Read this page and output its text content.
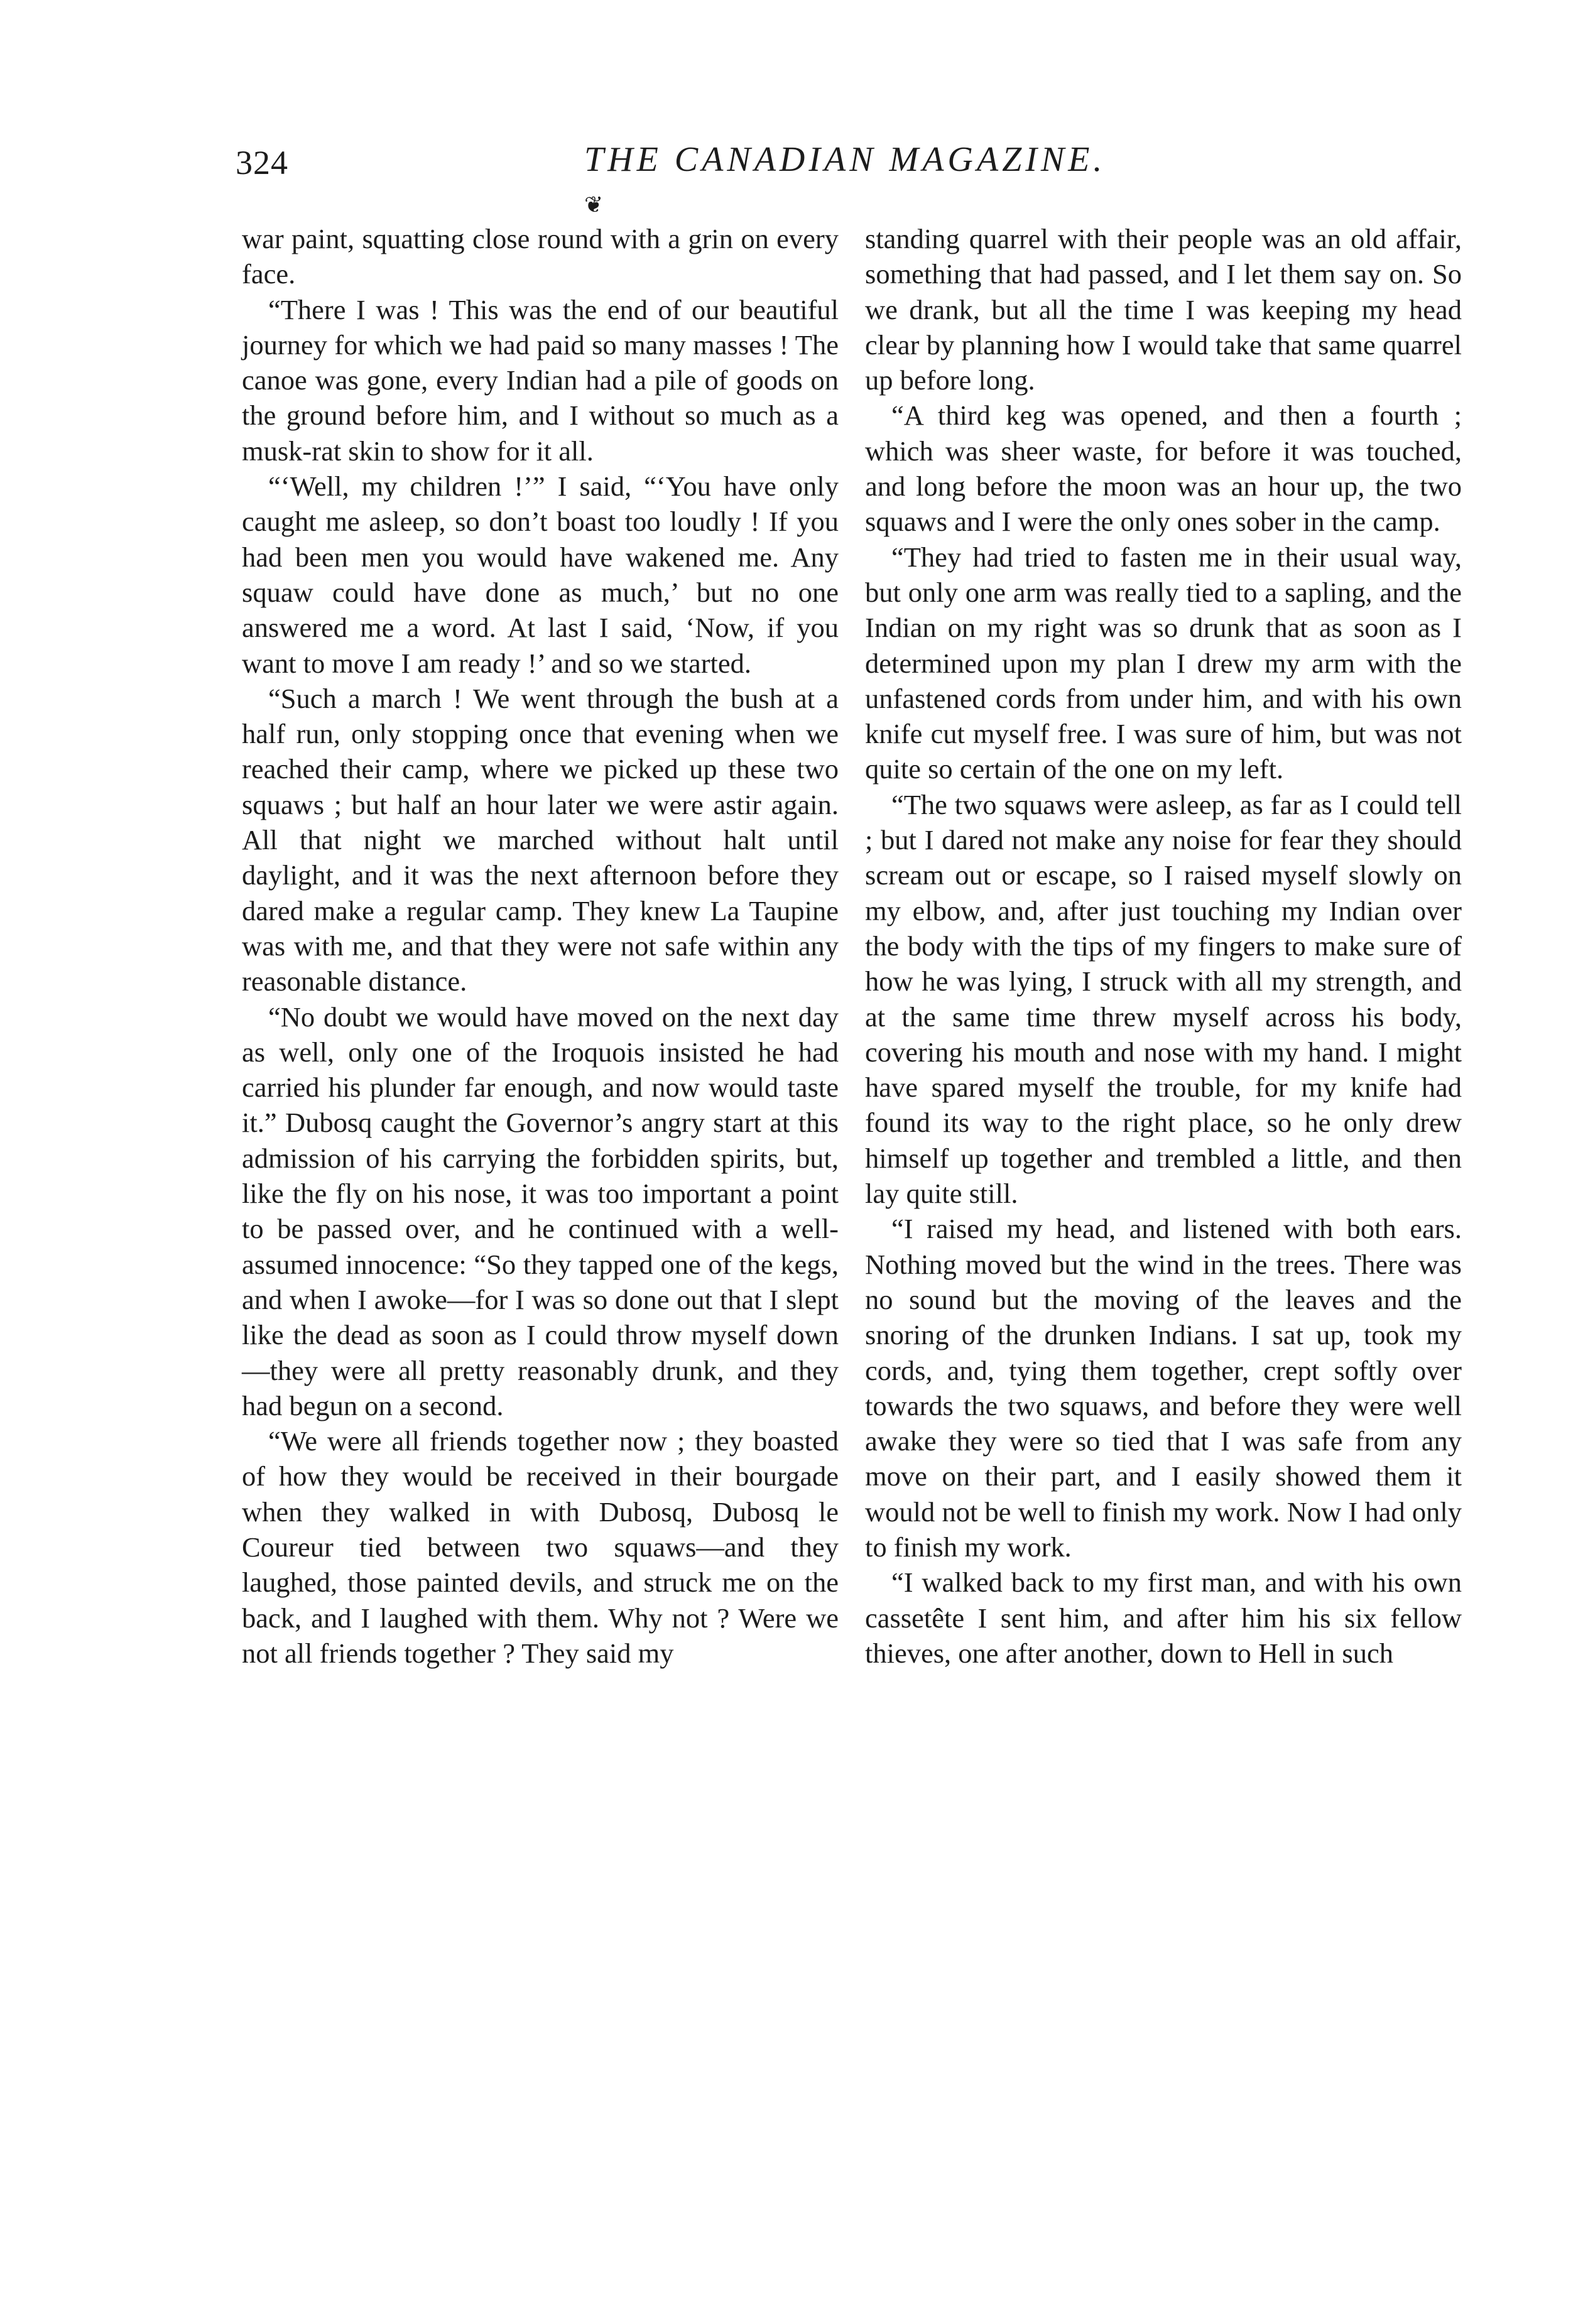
324	THE CANADIAN MAGAZINE.
❦

war paint, squatting close round with a grin on every face.

“There I was ! This was the end of our beautiful journey for which we had paid so many masses ! The canoe was gone, every Indian had a pile of goods on the ground before him, and I without so much as a musk-rat skin to show for it all.

“‘Well, my children !’” I said, “‘You have only caught me asleep, so don’t boast too loudly ! If you had been men you would have wakened me. Any squaw could have done as much,’ but no one answered me a word. At last I said, ‘Now, if you want to move I am ready !’ and so we started.

“Such a march ! We went through the bush at a half run, only stopping once that evening when we reached their camp, where we picked up these two squaws ; but half an hour later we were astir again. All that night we marched without halt until daylight, and it was the next afternoon before they dared make a regular camp. They knew La Taupine was with me, and that they were not safe within any reasonable distance.

“No doubt we would have moved on the next day as well, only one of the Iroquois insisted he had carried his plunder far enough, and now would taste it.” Dubosq caught the Governor’s angry start at this admission of his carrying the forbidden spirits, but, like the fly on his nose, it was too important a point to be passed over, and he continued with a well-assumed innocence: “So they tapped one of the kegs, and when I awoke—for I was so done out that I slept like the dead as soon as I could throw myself down—they were all pretty reasonably drunk, and they had begun on a second.

“We were all friends together now ; they boasted of how they would be received in their bourgade when they walked in with Dubosq, Dubosq le Coureur tied between two squaws—and they laughed, those painted devils, and struck me on the back, and I laughed with them. Why not ? Were we not all friends together ? They said my

standing quarrel with their people was an old affair, something that had passed, and I let them say on. So we drank, but all the time I was keeping my head clear by planning how I would take that same quarrel up before long.

“A third keg was opened, and then a fourth ; which was sheer waste, for before it was touched, and long before the moon was an hour up, the two squaws and I were the only ones sober in the camp.

“They had tried to fasten me in their usual way, but only one arm was really tied to a sapling, and the Indian on my right was so drunk that as soon as I determined upon my plan I drew my arm with the unfastened cords from under him, and with his own knife cut myself free. I was sure of him, but was not quite so certain of the one on my left.

“The two squaws were asleep, as far as I could tell ; but I dared not make any noise for fear they should scream out or escape, so I raised myself slowly on my elbow, and, after just touching my Indian over the body with the tips of my fingers to make sure of how he was lying, I struck with all my strength, and at the same time threw myself across his body, covering his mouth and nose with my hand. I might have spared myself the trouble, for my knife had found its way to the right place, so he only drew himself up together and trembled a little, and then lay quite still.

“I raised my head, and listened with both ears. Nothing moved but the wind in the trees. There was no sound but the moving of the leaves and the snoring of the drunken Indians. I sat up, took my cords, and, tying them together, crept softly over towards the two squaws, and before they were well awake they were so tied that I was safe from any move on their part, and I easily showed them it would not be well to finish my work. Now I had only to finish my work.

“I walked back to my first man, and with his own cassetête I sent him, and after him his six fellow thieves, one after another, down to Hell in such
